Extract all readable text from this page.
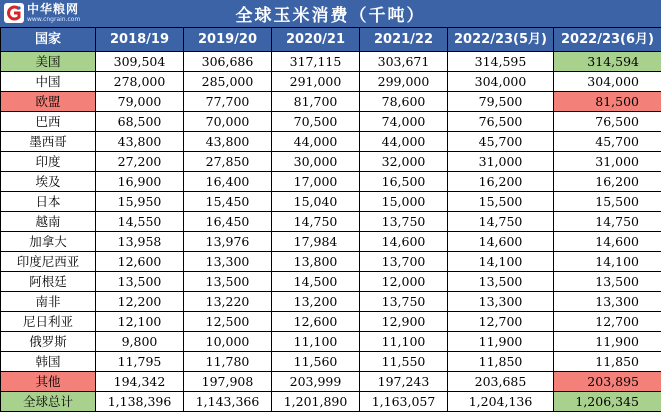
中华粮网
www.cngrain.com	全球玉米消费（千吨）
国家	2018/19	2019/20	2020/21	2021/22	2022/23(5月)	2022/23(6月)
美国	309,504	306,686	317,115	303,671	314,595	314,594
中国	278,000	285,000	291,000	299,000	304,000	304,000
欧盟	79,000	77,700	81,700	78,600	79,500	81,500
巴西	68,500	70,000	70,500	74,000	76,500	76,500
墨西哥	43,800	43,800	44,000	44,000	45,700	45,700
印度	27,200	27,850	30,000	32,000	31,000	31,000
埃及	16,900	16,400	17,000	16,500	16,200	16,200
日本	15,950	15,450	15,040	15,000	15,500	15,500
越南	14,550	16,450	14,750	13,750	14,750	14,750
加拿大	13,958	13,976	17,984	14,600	14,600	14,600
印度尼西亚	12,600	13,300	13,800	13,700	14,100	14,100
阿根廷	13,500	13,500	14,500	12,000	13,500	13,500
南非	12,200	13,220	13,200	13,750	13,300	13,300
尼日利亚	12,100	12,500	12,600	12,900	12,700	12,700
俄罗斯	9,800	10,000	11,100	11,100	11,900	11,900
韩国	11,795	11,780	11,560	11,550	11,850	11,850
其他	194,342	197,908	203,999	197,243	203,685	203,895
全球总计	1,138,396	1,143,366	1,201,890	1,163,057	1,204,136	1,206,345
